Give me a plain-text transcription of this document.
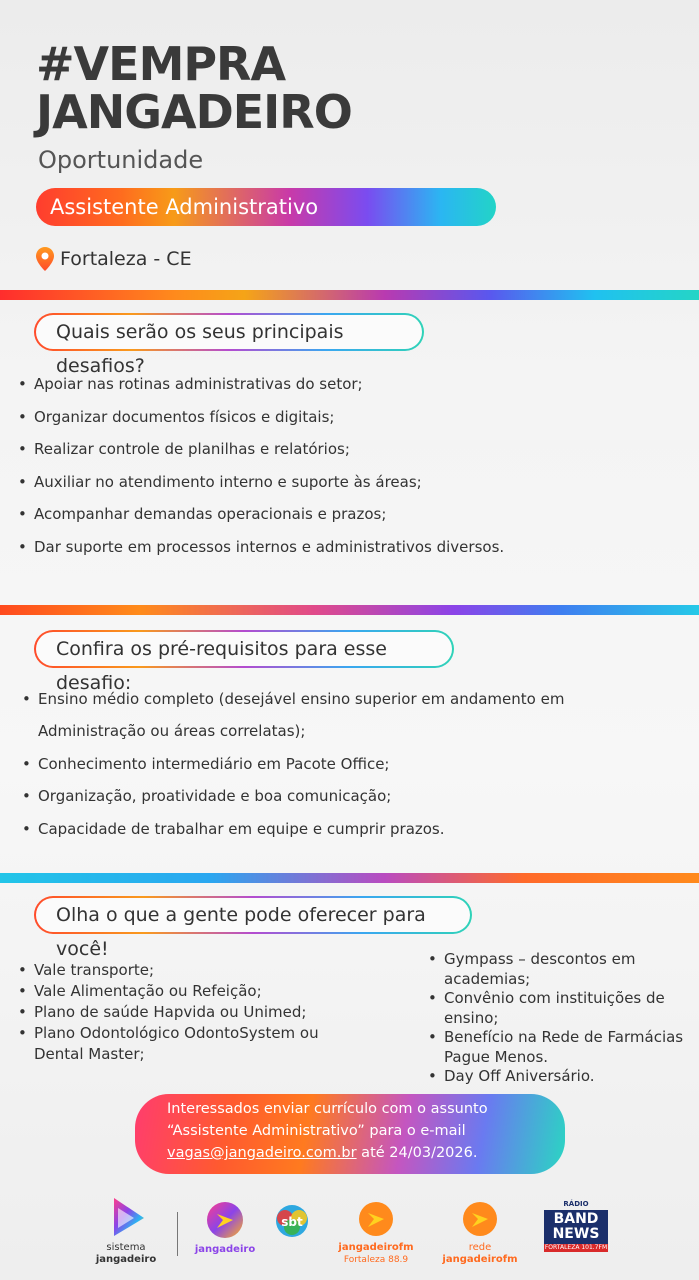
#VEMPRA
JANGADEIRO
Oportunidade
Assistente Administrativo
Fortaleza - CE
Quais serão os seus principais desafios?
• Apoiar nas rotinas administrativas do setor;
• Organizar documentos físicos e digitais;
• Realizar controle de planilhas e relatórios;
• Auxiliar no atendimento interno e suporte às áreas;
• Acompanhar demandas operacionais e prazos;
• Dar suporte em processos internos e administrativos diversos.
Confira os pré-requisitos para esse desafio:
• Ensino médio completo (desejável ensino superior em andamento em
Administração ou áreas correlatas);
• Conhecimento intermediário em Pacote Office;
• Organização, proatividade e boa comunicação;
• Capacidade de trabalhar em equipe e cumprir prazos.
Olha o que a gente pode oferecer para você!
• Vale transporte;
• Vale Alimentação ou Refeição;
• Plano de saúde Hapvida ou Unimed;
• Plano Odontológico OdontoSystem ou Dental Master;
• Gympass – descontos em academias;
• Convênio com instituições de ensino;
• Benefício na Rede de Farmácias Pague Menos.
• Day Off Aniversário.
Interessados enviar currículo com o assunto
“Assistente Administrativo” para o e-mail
vagas@jangadeiro.com.br até 24/03/2026.
sistema
jangadeiro
jangadeiro
sbt
jangadeirofm
Fortaleza 88.9
rede
jangadeirofm
RÁDIO
BAND
NEWS
FORTALEZA 101.7FM
